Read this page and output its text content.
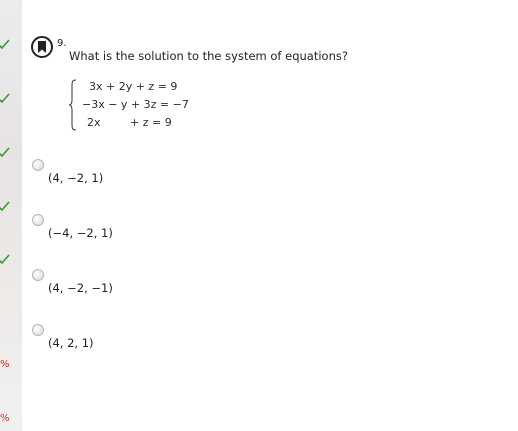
%
%
9.
What is the solution to the system of equations?
3x + 2y + z = 9
−3x − y + 3z = −7
2x	+ z = 9
(4, −2, 1)
(−4, −2, 1)
(4, −2, −1)
(4, 2, 1)
